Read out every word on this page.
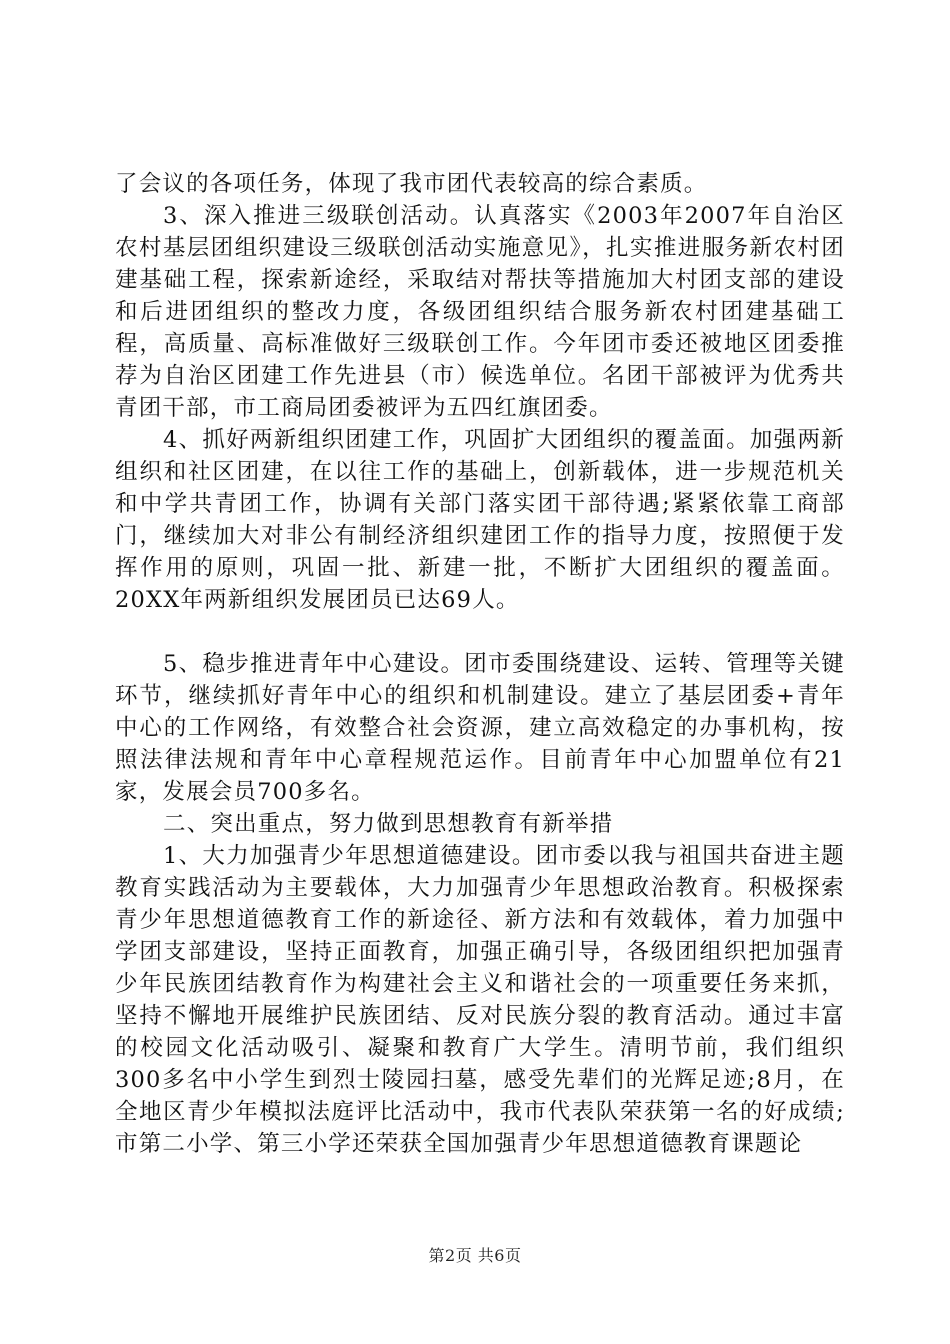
了会议的各项任务，体现了我市团代表较高的综合素质。

3、深入推进三级联创活动。认真落实《2003年2007年自治区农村基层团组织建设三级联创活动实施意见》，扎实推进服务新农村团建基础工程，探索新途经，采取结对帮扶等措施加大村团支部的建设和后进团组织的整改力度，各级团组织结合服务新农村团建基础工程，高质量、高标准做好三级联创工作。今年团市委还被地区团委推荐为自治区团建工作先进县（市）候选单位。名团干部被评为优秀共青团干部，市工商局团委被评为五四红旗团委。

4、抓好两新组织团建工作，巩固扩大团组织的覆盖面。加强两新组织和社区团建，在以往工作的基础上，创新载体，进一步规范机关和中学共青团工作，协调有关部门落实团干部待遇;紧紧依靠工商部门，继续加大对非公有制经济组织建团工作的指导力度，按照便于发挥作用的原则，巩固一批、新建一批，不断扩大团组织的覆盖面。20XX年两新组织发展团员已达69人。

5、稳步推进青年中心建设。团市委围绕建设、运转、管理等关键环节，继续抓好青年中心的组织和机制建设。建立了基层团委+青年中心的工作网络，有效整合社会资源，建立高效稳定的办事机构，按照法律法规和青年中心章程规范运作。目前青年中心加盟单位有21家，发展会员700多名。

二、突出重点，努力做到思想教育有新举措

1、大力加强青少年思想道德建设。团市委以我与祖国共奋进主题教育实践活动为主要载体，大力加强青少年思想政治教育。积极探索青少年思想道德教育工作的新途径、新方法和有效载体，着力加强中学团支部建设，坚持正面教育，加强正确引导，各级团组织把加强青少年民族团结教育作为构建社会主义和谐社会的一项重要任务来抓，坚持不懈地开展维护民族团结、反对民族分裂的教育活动。通过丰富的校园文化活动吸引、凝聚和教育广大学生。清明节前，我们组织300多名中小学生到烈士陵园扫墓，感受先辈们的光辉足迹;8月，在全地区青少年模拟法庭评比活动中，我市代表队荣获第一名的好成绩;市第二小学、第三小学还荣获全国加强青少年思想道德教育课题论

第2页 共6页
